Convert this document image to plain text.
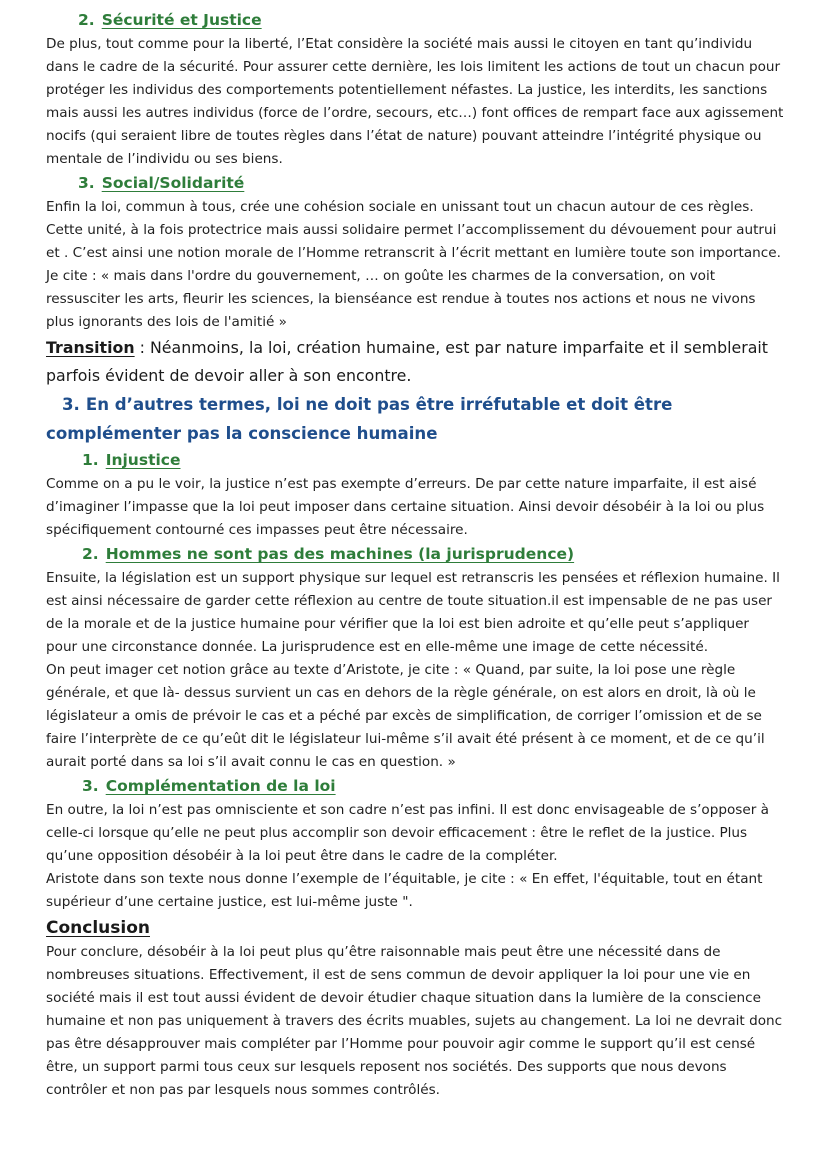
2. Sécurité et Justice

De plus, tout comme pour la liberté, l’Etat considère la société mais aussi le citoyen en tant qu’individu dans le cadre de la sécurité. Pour assurer cette dernière, les lois limitent les actions de tout un chacun pour protéger les individus des comportements potentiellement néfastes. La justice, les interdits, les sanctions mais aussi les autres individus (force de l’ordre, secours, etc…) font offices de rempart face aux agissement nocifs (qui seraient libre de toutes règles dans l’état de nature) pouvant atteindre l’intégrité physique ou mentale de l’individu ou ses biens.

3. Social/Solidarité

Enfin la loi, commun à tous, crée une cohésion sociale en unissant tout un chacun autour de ces règles. Cette unité, à la fois protectrice mais aussi solidaire permet l’accomplissement du dévouement pour autrui et . C’est ainsi une notion morale de l’Homme retranscrit à l’écrit mettant en lumière toute son importance.

Je cite : « mais dans l'ordre du gouvernement, … on goûte les charmes de la conversation, on voit ressusciter les arts, fleurir les sciences, la bienséance est rendue à toutes nos actions et nous ne vivons plus ignorants des lois de l'amitié »

Transition : Néanmoins, la loi, création humaine, est par nature imparfaite et il semblerait parfois évident de devoir aller à son encontre.

3. En d’autres termes, loi ne doit pas être irréfutable et doit être complémenter pas la conscience humaine
1. Injustice

Comme on a pu le voir, la justice n’est pas exempte d’erreurs. De par cette nature imparfaite, il est aisé d’imaginer l’impasse que la loi peut imposer dans certaine situation. Ainsi devoir désobéir à la loi ou plus spécifiquement contourné ces impasses peut être nécessaire.

2. Hommes ne sont pas des machines (la jurisprudence)

Ensuite, la législation est un support physique sur lequel est retranscris les pensées et réflexion humaine. Il est ainsi nécessaire de garder cette réflexion au centre de toute situation.il est impensable de ne pas user de la morale et de la justice humaine pour vérifier que la loi est bien adroite et qu’elle peut s’appliquer pour une circonstance donnée. La jurisprudence est en elle-même une image de cette nécessité.

On peut imager cet notion grâce au texte d’Aristote, je cite : « Quand, par suite, la loi pose une règle générale, et que là- dessus survient un cas en dehors de la règle générale, on est alors en droit, là où le législateur a omis de prévoir le cas et a péché par excès de simplification, de corriger l’omission et de se faire l’interprète de ce qu’eût dit le législateur lui-même s’il avait été présent à ce moment, et de ce qu’il aurait porté dans sa loi s’il avait connu le cas en question. »

3. Complémentation de la loi

En outre, la loi n’est pas omnisciente et son cadre n’est pas infini. Il est donc envisageable de s’opposer à celle-ci lorsque qu’elle ne peut plus accomplir son devoir efficacement : être le reflet de la justice. Plus qu’une opposition désobéir à la loi peut être dans le cadre de la compléter.

Aristote dans son texte nous donne l’exemple de l’équitable, je cite : « En effet, l'équitable, tout en étant supérieur d’une certaine justice, est lui-même juste ".

Conclusion

Pour conclure, désobéir à la loi peut plus qu’être raisonnable mais peut être une nécessité dans de nombreuses situations. Effectivement, il est de sens commun de devoir appliquer la loi pour une vie en société mais il est tout aussi évident de devoir étudier chaque situation dans la lumière de la conscience humaine et non pas uniquement à travers des écrits muables, sujets au changement. La loi ne devrait donc pas être désapprouver mais compléter par l’Homme pour pouvoir agir comme le support qu’il est censé être, un support parmi tous ceux sur lesquels reposent nos sociétés. Des supports que nous devons contrôler et non pas par lesquels nous sommes contrôlés.
